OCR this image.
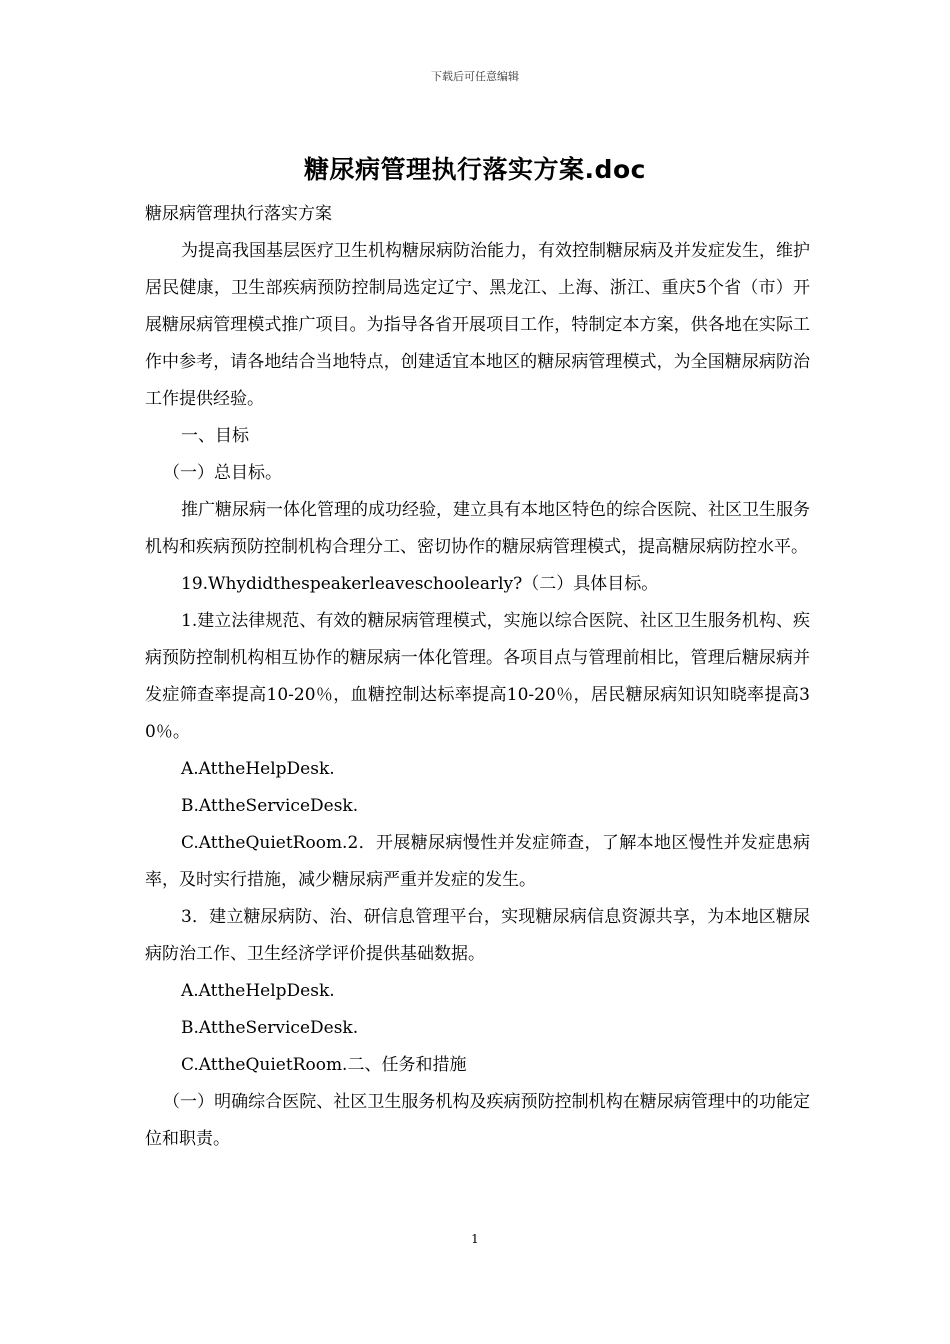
下载后可任意编辑
糖尿病管理执行落实方案.doc

糖尿病管理执行落实方案

为提高我国基层医疗卫生机构糖尿病防治能力，有效控制糖尿病及并发症发生，维护居民健康，卫生部疾病预防控制局选定辽宁、黑龙江、上海、浙江、重庆5个省（市）开展糖尿病管理模式推广项目。为指导各省开展项目工作，特制定本方案，供各地在实际工作中参考，请各地结合当地特点，创建适宜本地区的糖尿病管理模式，为全国糖尿病防治工作提供经验。

一、目标

（一）总目标。

推广糖尿病一体化管理的成功经验，建立具有本地区特色的综合医院、社区卫生服务机构和疾病预防控制机构合理分工、密切协作的糖尿病管理模式，提高糖尿病防控水平。

19.Whydidthespeakerleaveschoolearly?（二）具体目标。

1.建立法律规范、有效的糖尿病管理模式，实施以综合医院、社区卫生服务机构、疾病预防控制机构相互协作的糖尿病一体化管理。各项目点与管理前相比，管理后糖尿病并发症筛查率提高10-20％，血糖控制达标率提高10-20％，居民糖尿病知识知晓率提高30％。

A.AttheHelpDesk.

B.AttheServiceDesk.

C.AttheQuietRoom.2．开展糖尿病慢性并发症筛查，了解本地区慢性并发症患病率，及时实行措施，减少糖尿病严重并发症的发生。

3．建立糖尿病防、治、研信息管理平台，实现糖尿病信息资源共享，为本地区糖尿病防治工作、卫生经济学评价提供基础数据。

A.AttheHelpDesk.

B.AttheServiceDesk.

C.AttheQuietRoom.二、任务和措施

（一）明确综合医院、社区卫生服务机构及疾病预防控制机构在糖尿病管理中的功能定位和职责。

1
